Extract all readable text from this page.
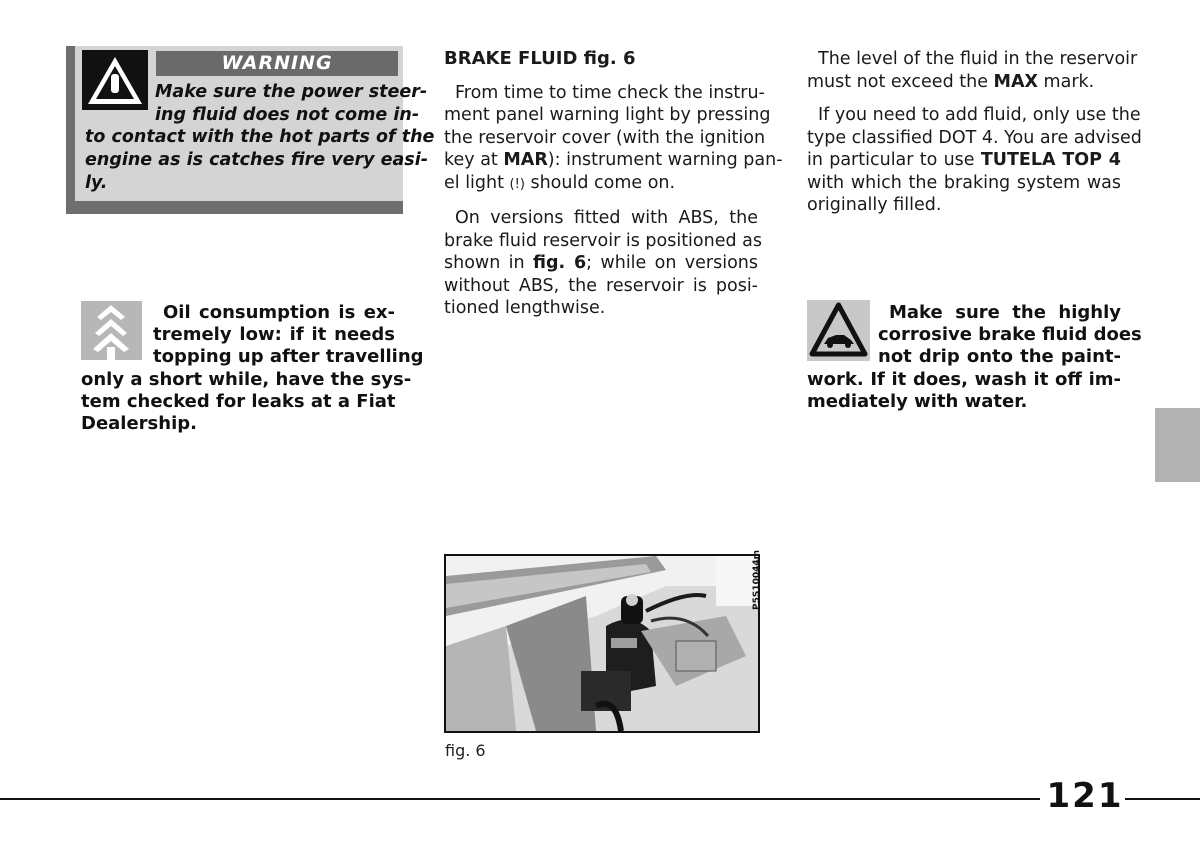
WARNING
Make sure the power steer-
ing fluid does not come in-
to contact with the hot parts of the
engine as is catches fire very easi-
ly.
Oil consumption is ex-
tremely low: if it needs
topping up after travelling
only a short while, have the sys-
tem checked for leaks at a Fiat
Dealership.
BRAKE FLUID fig. 6
From time to time check the instru-
ment panel warning light by pressing
the reservoir cover (with the ignition
key at MAR): instrument warning pan-
el light (!) should come on.
On versions fitted with ABS, the
brake fluid reservoir is positioned as
shown in fig. 6; while on versions
without ABS, the reservoir is posi-
tioned lengthwise.
The level of the fluid in the reservoir
must not exceed the MAX mark.
If you need to add fluid, only use the
type classified DOT 4. You are advised
in particular to use TUTELA TOP 4
with which the braking system was
originally filled.
Make sure the highly
corrosive brake fluid does
not drip onto the paint-
work. If it does, wash it off im-
mediately with water.
P5S10044m
fig. 6
121
